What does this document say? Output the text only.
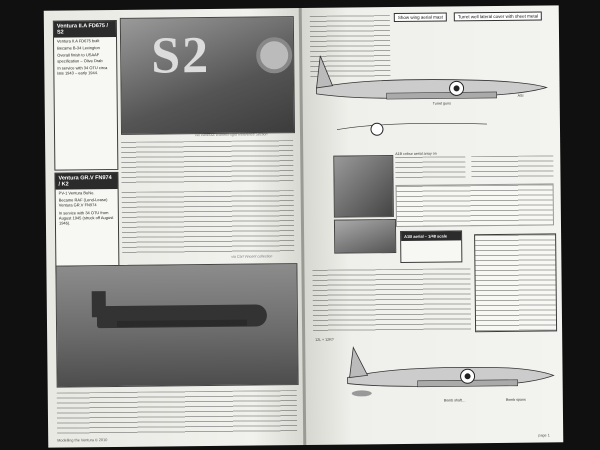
Ventura II.A FD675 / S2
Ventura II.A FD675 built
Became B-34 Lexington
Overall finish to USAAF specification – Olive Drab
In service with 34 OTU circa late 1943 – early 1944.	S2
via Vanessa Warren/Flight Reference Section
Ventura GR.V FN974 / K2
PV-1 Ventura BuNo.
Became RAF (Lend-Lease) Ventura GR.V FN974
In service with 34 OTU from August 1945 (struck off August 1946).
via Carl Vincent collection
Modelling the Ventura © 2010
Show wing aerial mast	Turret well lateral cover with sheet metal
ASI
Turret guns
A1B colour aerial array on
A1B aerial – 1/48 scale
12L + 12R?
Bomb shaft…	Bomb spans
page 1
